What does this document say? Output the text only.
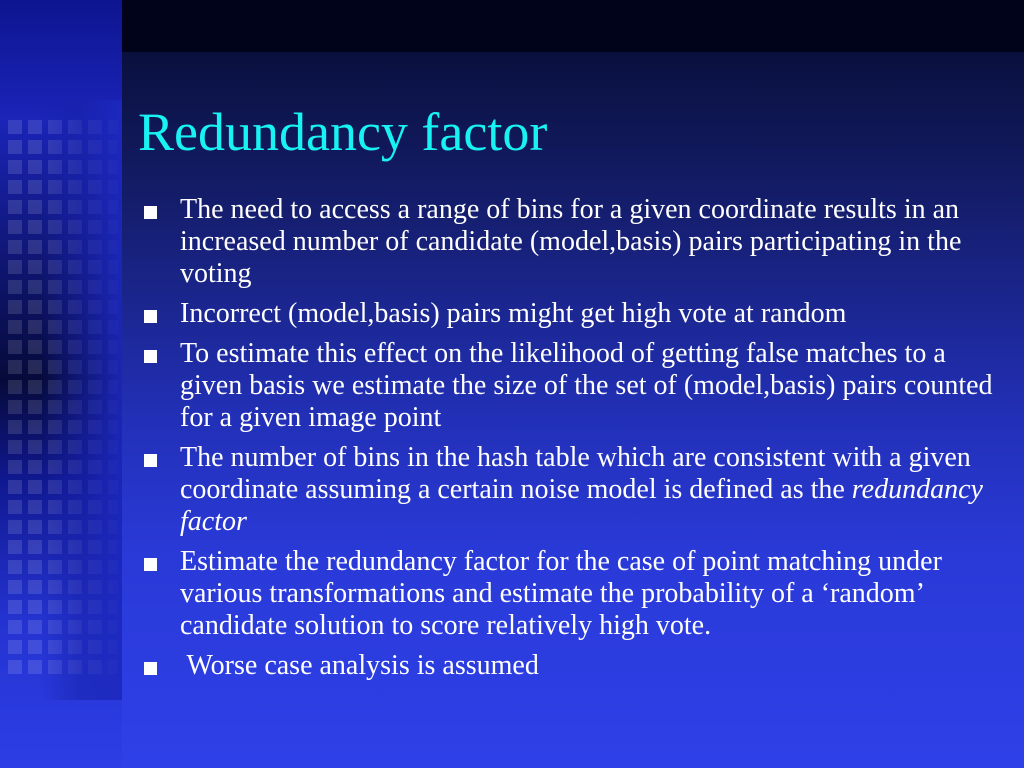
Redundancy factor
The need to access a range of bins for a given coordinate results in an increased number of candidate (model,basis) pairs participating in the voting
Incorrect (model,basis) pairs might get high vote at random
To estimate this effect on the likelihood of getting false matches to a given basis we estimate the size of the set of (model,basis) pairs counted for a given image point
The number of bins in the hash table which are consistent with a given coordinate assuming a certain noise model is defined as the redundancy factor
Estimate the redundancy factor for the case of point matching under various transformations and estimate the probability of a ‘random’ candidate solution to score relatively high vote.
Worse case analysis is assumed
